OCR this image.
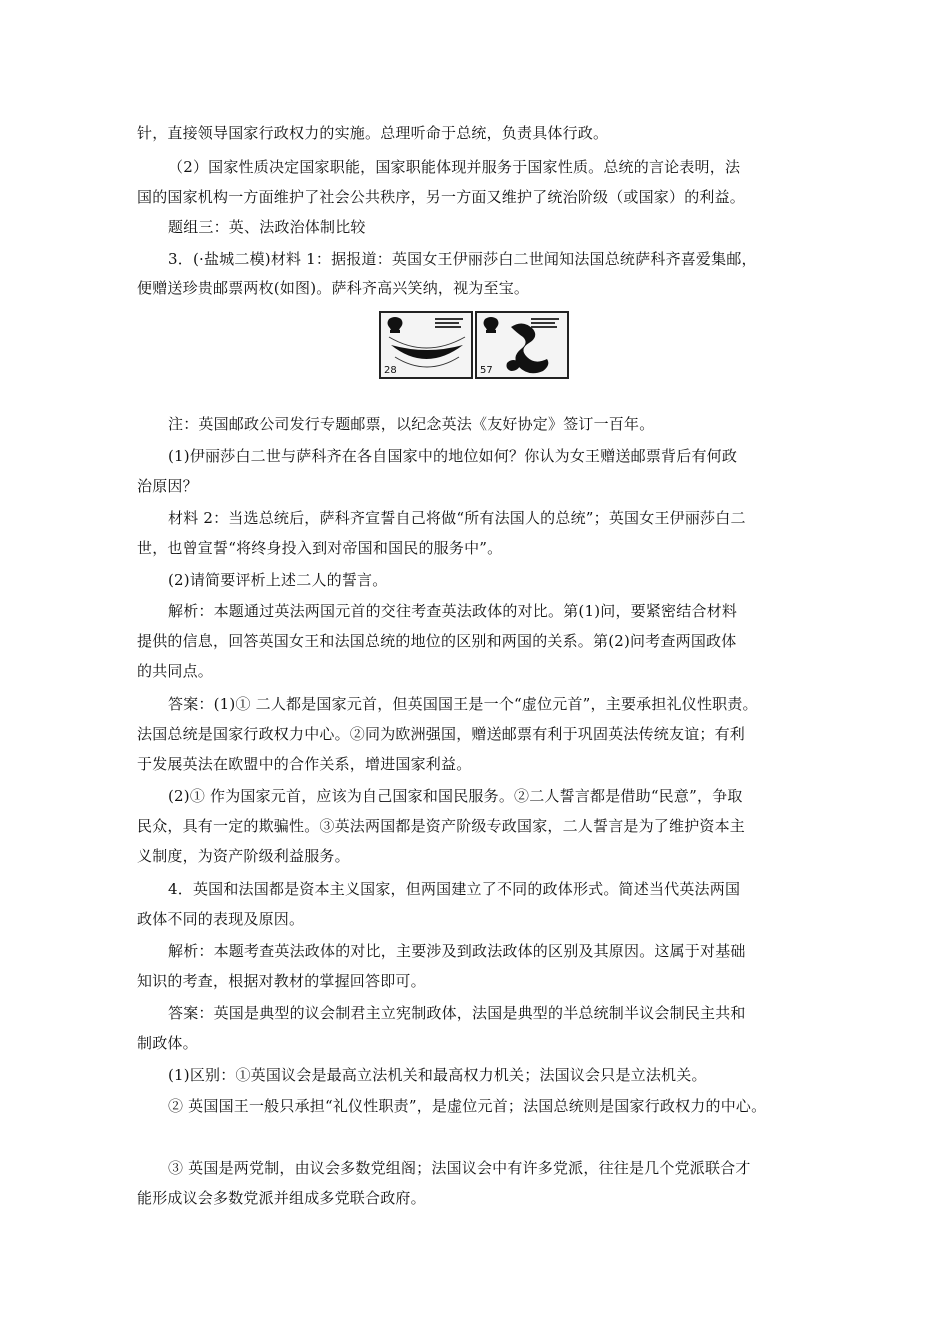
针，直接领导国家行政权力的实施。总理听命于总统，负责具体行政。
（2）国家性质决定国家职能，国家职能体现并服务于国家性质。总统的言论表明，法
国的国家机构一方面维护了社会公共秩序，另一方面又维护了统治阶级（或国家）的利益。
题组三：英、法政治体制比较
3．(·盐城二模)材料 1：据报道：英国女王伊丽莎白二世闻知法国总统萨科齐喜爱集邮，
便赠送珍贵邮票两枚(如图)。萨科齐高兴笑纳，视为至宝。
28	57
注：英国邮政公司发行专题邮票，以纪念英法《友好协定》签订一百年。
(1)伊丽莎白二世与萨科齐在各自国家中的地位如何？你认为女王赠送邮票背后有何政
治原因？
材料 2：当选总统后，萨科齐宣誓自己将做“所有法国人的总统”；英国女王伊丽莎白二
世，也曾宣誓“将终身投入到对帝国和国民的服务中”。
(2)请简要评析上述二人的誓言。
解析：本题通过英法两国元首的交往考查英法政体的对比。第(1)问，要紧密结合材料
提供的信息，回答英国女王和法国总统的地位的区别和两国的关系。第(2)问考查两国政体
的共同点。
答案：(1)① 二人都是国家元首，但英国国王是一个“虚位元首”，主要承担礼仪性职责。
法国总统是国家行政权力中心。②同为欧洲强国，赠送邮票有利于巩固英法传统友谊；有利
于发展英法在欧盟中的合作关系，增进国家利益。
(2)① 作为国家元首，应该为自己国家和国民服务。②二人誓言都是借助“民意”，争取
民众，具有一定的欺骗性。③英法两国都是资产阶级专政国家，二人誓言是为了维护资本主
义制度，为资产阶级利益服务。
4．英国和法国都是资本主义国家，但两国建立了不同的政体形式。简述当代英法两国
政体不同的表现及原因。
解析：本题考查英法政体的对比，主要涉及到政法政体的区别及其原因。这属于对基础
知识的考查，根据对教材的掌握回答即可。
答案：英国是典型的议会制君主立宪制政体，法国是典型的半总统制半议会制民主共和
制政体。
(1)区别：①英国议会是最高立法机关和最高权力机关；法国议会只是立法机关。
② 英国国王一般只承担“礼仪性职责”，是虚位元首；法国总统则是国家行政权力的中心。
③ 英国是两党制，由议会多数党组阁；法国议会中有许多党派，往往是几个党派联合才
能形成议会多数党派并组成多党联合政府。
